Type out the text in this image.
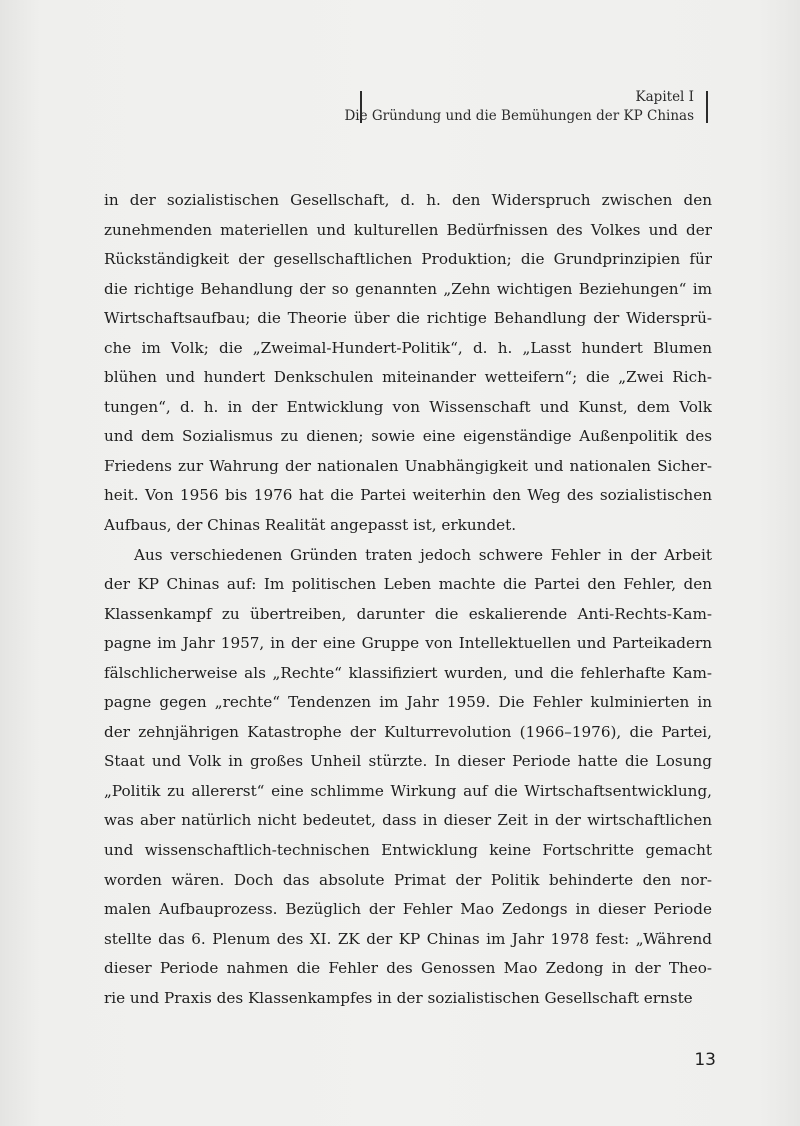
Kapitel I
Die Gründung und die Bemühungen der KP Chinas
in der sozialistischen Gesellschaft, d. h. den Widerspruch zwischen den
zunehmenden materiellen und kulturellen Bedürfnissen des Volkes und der
Rückständigkeit der gesellschaftlichen Produktion; die Grundprinzipien für
die richtige Behandlung der so genannten „Zehn wichtigen Beziehungen“ im
Wirtschaftsaufbau; die Theorie über die richtige Behandlung der Widersprü-
che im Volk; die „Zweimal-Hundert-Politik“, d. h. „Lasst hundert Blumen
blühen und hundert Denkschulen miteinander wetteifern“; die „Zwei Rich-
tungen“, d. h. in der Entwicklung von Wissenschaft und Kunst, dem Volk
und dem Sozialismus zu dienen; sowie eine eigenständige Außenpolitik des
Friedens zur Wahrung der nationalen Unabhängigkeit und nationalen Sicher-
heit. Von 1956 bis 1976 hat die Partei weiterhin den Weg des sozialistischen
Aufbaus, der Chinas Realität angepasst ist, erkundet.
Aus verschiedenen Gründen traten jedoch schwere Fehler in der Arbeit
der KP Chinas auf: Im politischen Leben machte die Partei den Fehler, den
Klassenkampf zu übertreiben, darunter die eskalierende Anti-Rechts-Kam-
pagne im Jahr 1957, in der eine Gruppe von Intellektuellen und Parteikadern
fälschlicherweise als „Rechte“ klassifiziert wurden, und die fehlerhafte Kam-
pagne gegen „rechte“ Tendenzen im Jahr 1959. Die Fehler kulminierten in
der zehnjährigen Katastrophe der Kulturrevolution (1966–1976), die Partei,
Staat und Volk in großes Unheil stürzte. In dieser Periode hatte die Losung
„Politik zu allererst“ eine schlimme Wirkung auf die Wirtschaftsentwicklung,
was aber natürlich nicht bedeutet, dass in dieser Zeit in der wirtschaftlichen
und wissenschaftlich-technischen Entwicklung keine Fortschritte gemacht
worden wären. Doch das absolute Primat der Politik behinderte den nor-
malen Aufbauprozess. Bezüglich der Fehler Mao Zedongs in dieser Periode
stellte das 6. Plenum des XI. ZK der KP Chinas im Jahr 1978 fest: „Während
dieser Periode nahmen die Fehler des Genossen Mao Zedong in der Theo-
rie und Praxis des Klassenkampfes in der sozialistischen Gesellschaft ernste
13
